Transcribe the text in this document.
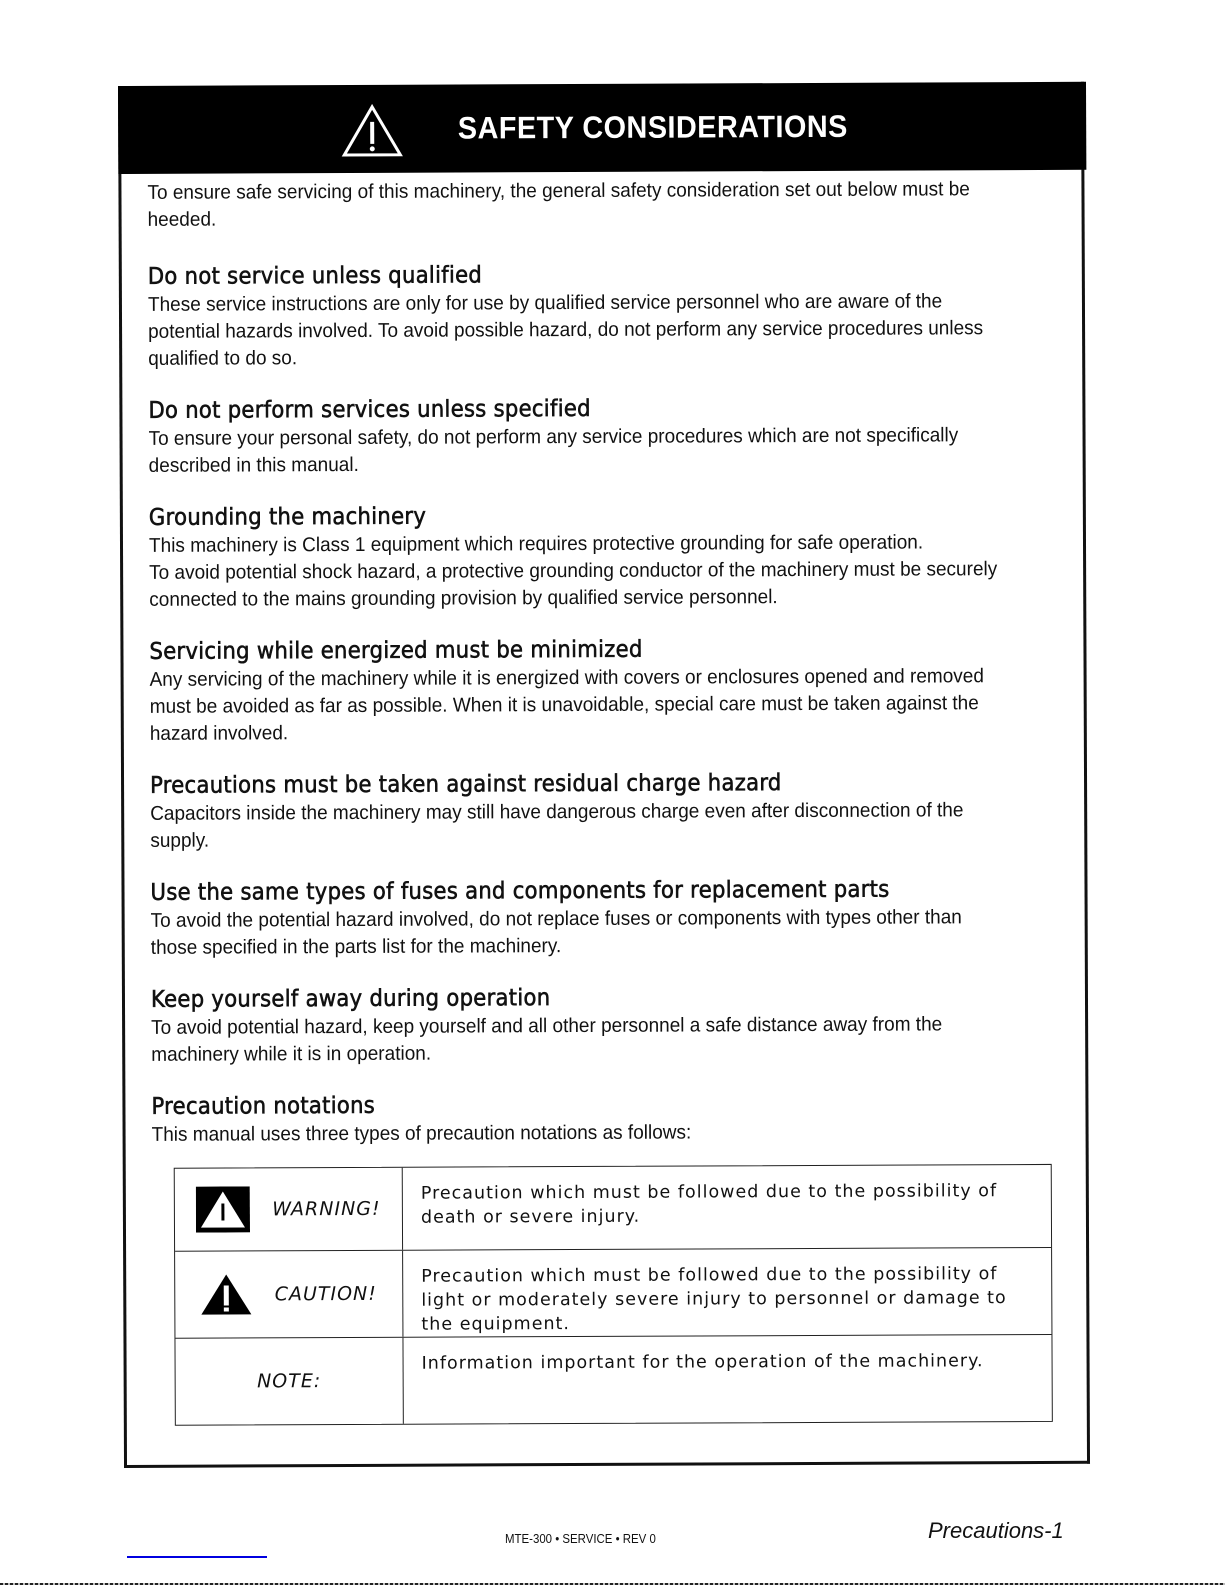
SAFETY CONSIDERATIONS

To ensure safe servicing of this machinery, the general safety consideration set out below must be heeded.

Do not service unless qualified

These service instructions are only for use by qualified service personnel who are aware of the potential hazards involved. To avoid possible hazard, do not perform any service procedures unless qualified to do so.

Do not perform services unless specified

To ensure your personal safety, do not perform any service procedures which are not specifically described in this manual.

Grounding the machinery

This machinery is Class 1 equipment which requires protective grounding for safe operation.

To avoid potential shock hazard, a protective grounding conductor of the machinery must be securely connected to the mains grounding provision by qualified service personnel.

Servicing while energized must be minimized

Any servicing of the machinery while it is energized with covers or enclosures opened and removed must be avoided as far as possible. When it is unavoidable, special care must be taken against the hazard involved.

Precautions must be taken against residual charge hazard

Capacitors inside the machinery may still have dangerous charge even after disconnection of the supply.

Use the same types of fuses and components for replacement parts

To avoid the potential hazard involved, do not replace fuses or components with types other than those specified in the parts list for the machinery.

Keep yourself away during operation

To avoid potential hazard, keep yourself and all other personnel a safe distance away from the machinery while it is in operation.

Precaution notations

This manual uses three types of precaution notations as follows:

WARNING!
Precaution which must be followed due to the possibility of death or severe injury.
CAUTION!
Precaution which must be followed due to the possibility of light or moderately severe injury to personnel or damage to the equipment.
NOTE:
Information important for the operation of the machinery.
MTE-300 • SERVICE • REV 0	Precautions-1
